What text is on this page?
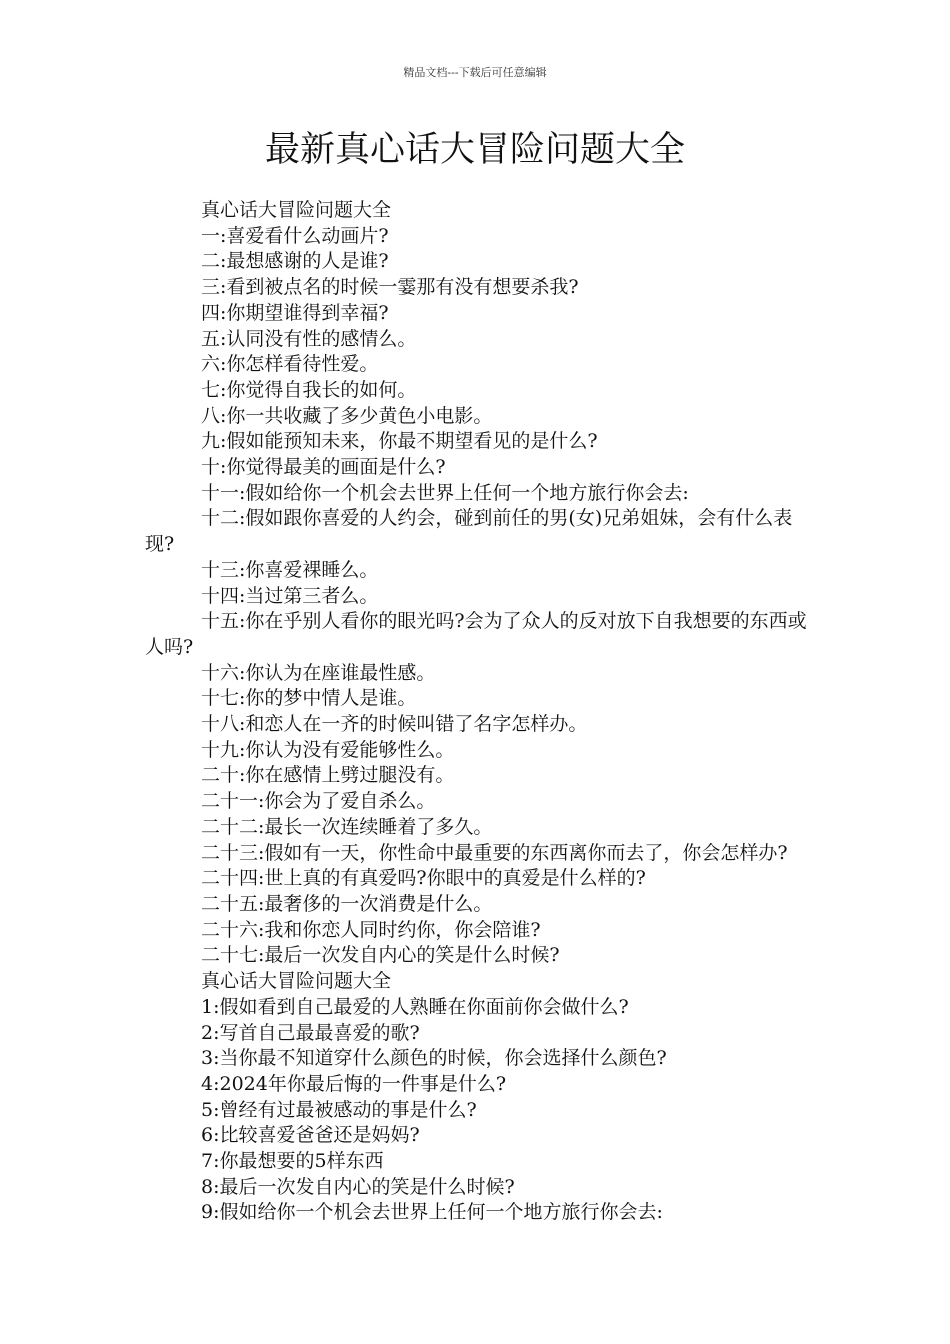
精品文档---下载后可任意编辑
最新真心话大冒险问题大全

真心话大冒险问题大全

一:喜爱看什么动画片?

二:最想感谢的人是谁?

三:看到被点名的时候一霎那有没有想要杀我?

四:你期望谁得到幸福?

五:认同没有性的感情么。

六:你怎样看待性爱。

七:你觉得自我长的如何。

八:你一共收藏了多少黄色小电影。

九:假如能预知未来，你最不期望看见的是什么?

十:你觉得最美的画面是什么?

十一:假如给你一个机会去世界上任何一个地方旅行你会去:

十二:假如跟你喜爱的人约会，碰到前任的男(女)兄弟姐妹，会有什么表现?

十三:你喜爱裸睡么。

十四:当过第三者么。

十五:你在乎别人看你的眼光吗?会为了众人的反对放下自我想要的东西或人吗?

十六:你认为在座谁最性感。

十七:你的梦中情人是谁。

十八:和恋人在一齐的时候叫错了名字怎样办。

十九:你认为没有爱能够性么。

二十:你在感情上劈过腿没有。

二十一:你会为了爱自杀么。

二十二:最长一次连续睡着了多久。

二十三:假如有一天，你性命中最重要的东西离你而去了，你会怎样办?

二十四:世上真的有真爱吗?你眼中的真爱是什么样的?

二十五:最奢侈的一次消费是什么。

二十六:我和你恋人同时约你，你会陪谁?

二十七:最后一次发自内心的笑是什么时候?

真心话大冒险问题大全

1:假如看到自己最爱的人熟睡在你面前你会做什么?

2:写首自己最最喜爱的歌?

3:当你最不知道穿什么颜色的时候，你会选择什么颜色?

4:2024年你最后悔的一件事是什么?

5:曾经有过最被感动的事是什么?

6:比较喜爱爸爸还是妈妈?

7:你最想要的5样东西

8:最后一次发自内心的笑是什么时候?

9:假如给你一个机会去世界上任何一个地方旅行你会去:
